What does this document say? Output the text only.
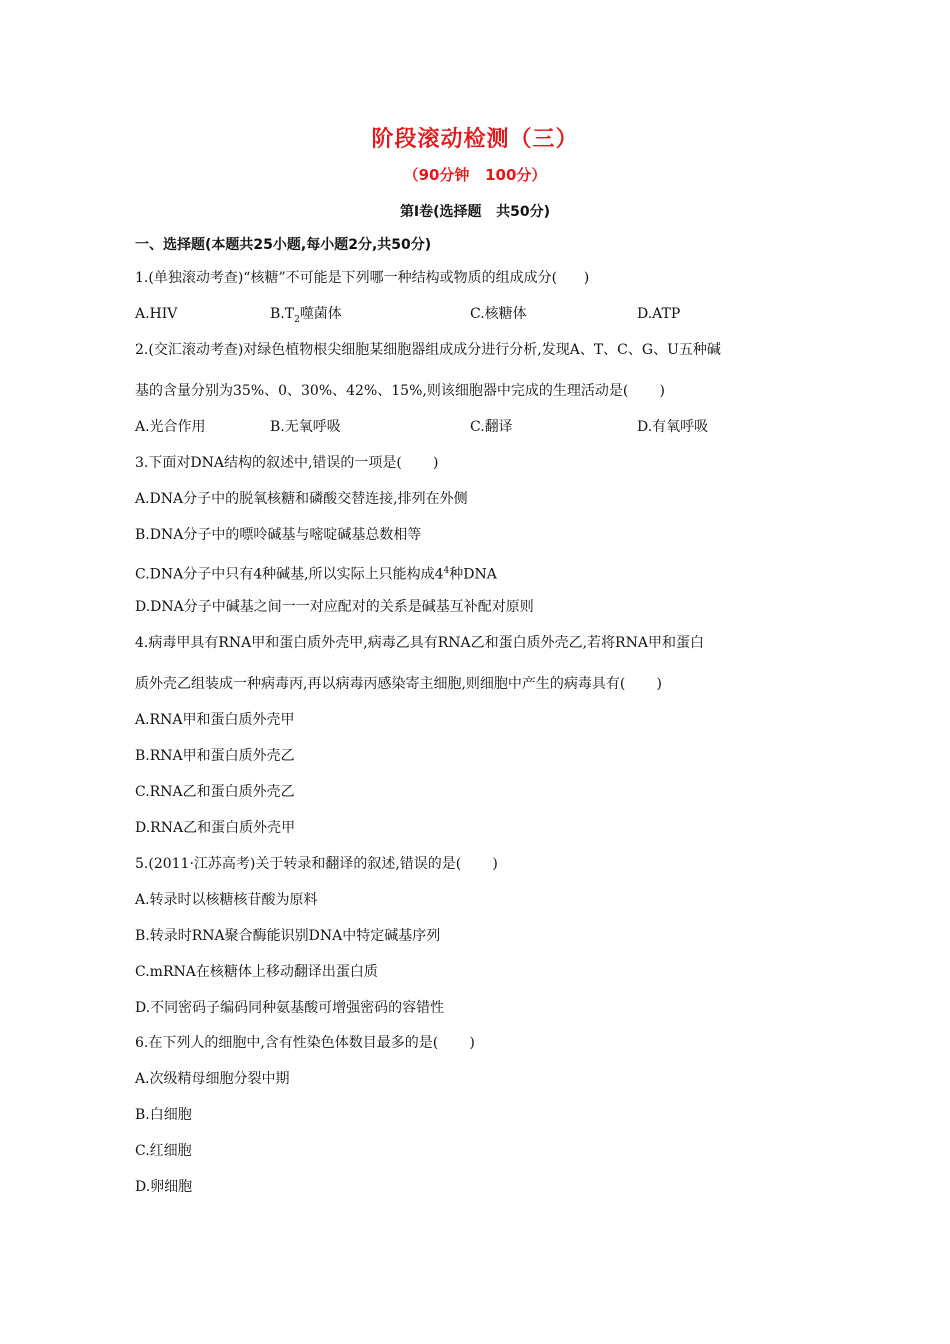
阶段滚动检测（三）
（90分钟   100分）
第Ⅰ卷(选择题   共50分)
一、选择题(本题共25小题,每小题2分,共50分)
1.(单独滚动考查)“核糖”不可能是下列哪一种结构或物质的组成成分(      )
A.HIV	$B.T_2$噬菌体	C.核糖体	D.ATP
2.(交汇滚动考查)对绿色植物根尖细胞某细胞器组成成分进行分析,发现A、T、C、G、U五种碱
基的含量分别为35%、0、30%、42%、15%,则该细胞器中完成的生理活动是(       )
A.光合作用	B.无氧呼吸	C.翻译	D.有氧呼吸
3.下面对DNA结构的叙述中,错误的一项是(       )
A.DNA分子中的脱氧核糖和磷酸交替连接,排列在外侧
B.DNA分子中的嘌呤碱基与嘧啶碱基总数相等
C.DNA分子中只有4种碱基,所以实际上只能构成$4^4$种DNA
D.DNA分子中碱基之间一一对应配对的关系是碱基互补配对原则
4.病毒甲具有RNA甲和蛋白质外壳甲,病毒乙具有RNA乙和蛋白质外壳乙,若将RNA甲和蛋白
质外壳乙组装成一种病毒丙,再以病毒丙感染寄主细胞,则细胞中产生的病毒具有(       )
A.RNA甲和蛋白质外壳甲
B.RNA甲和蛋白质外壳乙
C.RNA乙和蛋白质外壳乙
D.RNA乙和蛋白质外壳甲
5.(2011·江苏高考)关于转录和翻译的叙述,错误的是(       )
A.转录时以核糖核苷酸为原料
B.转录时RNA聚合酶能识别DNA中特定碱基序列
C.mRNA在核糖体上移动翻译出蛋白质
D.不同密码子编码同种氨基酸可增强密码的容错性
6.在下列人的细胞中,含有性染色体数目最多的是(       )
A.次级精母细胞分裂中期
B.白细胞
C.红细胞
D.卵细胞
